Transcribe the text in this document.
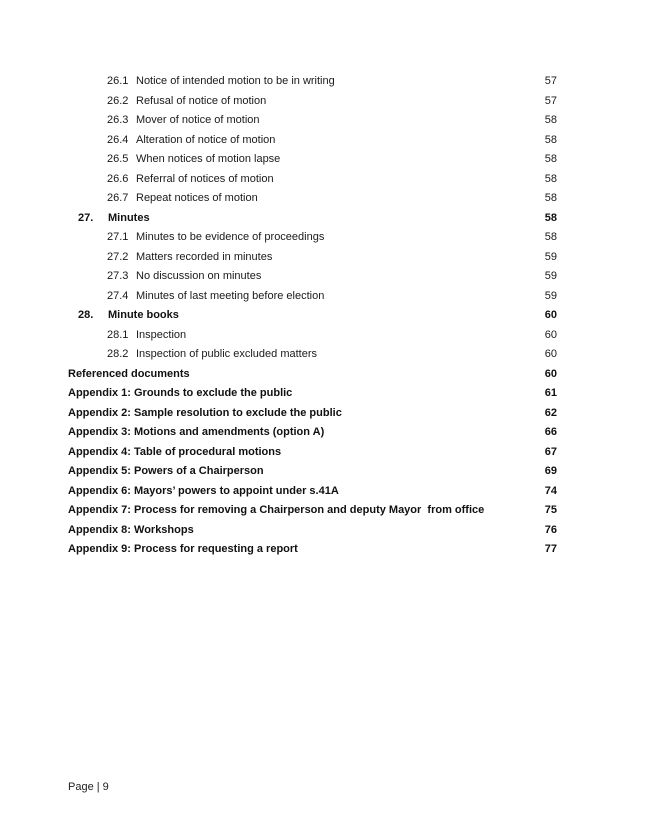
26.1 Notice of intended motion to be in writing	57
26.2 Refusal of notice of motion	57
26.3 Mover of notice of motion	58
26.4 Alteration of notice of motion	58
26.5 When notices of motion lapse	58
26.6 Referral of notices of motion	58
26.7 Repeat notices of motion	58
27.	Minutes	58
27.1 Minutes to be evidence of proceedings	58
27.2 Matters recorded in minutes	59
27.3 No discussion on minutes	59
27.4 Minutes of last meeting before election	59
28.	Minute books	60
28.1 Inspection	60
28.2 Inspection of public excluded matters	60
Referenced documents	60
Appendix 1: Grounds to exclude the public	61
Appendix 2: Sample resolution to exclude the public	62
Appendix 3: Motions and amendments (option A)	66
Appendix 4: Table of procedural motions	67
Appendix 5: Powers of a Chairperson	69
Appendix 6: Mayors’ powers to appoint under s.41A	74
Appendix 7: Process for removing a Chairperson and deputy Mayor  from office	75
Appendix 8: Workshops	76
Appendix 9: Process for requesting a report	77
Page | 9
